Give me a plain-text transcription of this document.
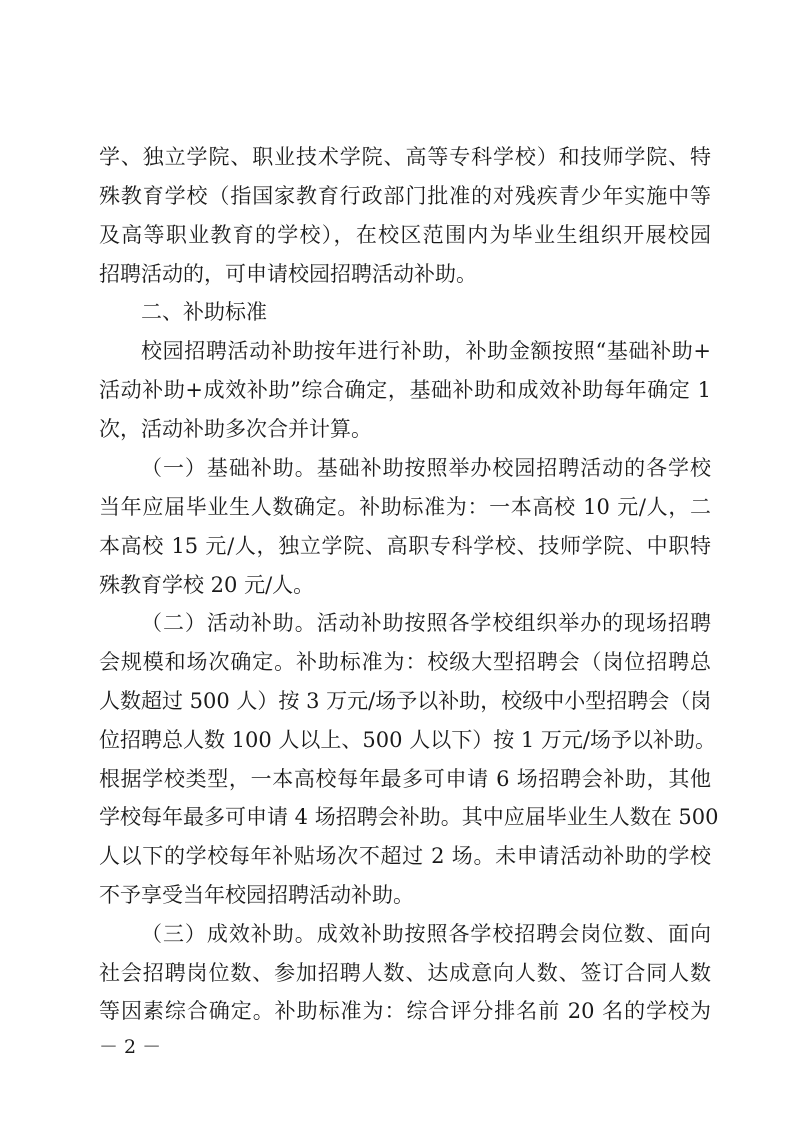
学、独立学院、职业技术学院、高等专科学校）和技师学院、特
殊教育学校（指国家教育行政部门批准的对残疾青少年实施中等
及高等职业教育的学校），在校区范围内为毕业生组织开展校园
招聘活动的，可申请校园招聘活动补助。
二、补助标准
校园招聘活动补助按年进行补助，补助金额按照“基础补助+
活动补助+成效补助”综合确定，基础补助和成效补助每年确定 1
次，活动补助多次合并计算。
（一）基础补助。基础补助按照举办校园招聘活动的各学校
当年应届毕业生人数确定。补助标准为：一本高校 10 元/人，二
本高校 15 元/人，独立学院、高职专科学校、技师学院、中职特
殊教育学校 20 元/人。
（二）活动补助。活动补助按照各学校组织举办的现场招聘
会规模和场次确定。补助标准为：校级大型招聘会（岗位招聘总
人数超过 500 人）按 3 万元/场予以补助，校级中小型招聘会（岗
位招聘总人数 100 人以上、500 人以下）按 1 万元/场予以补助。
根据学校类型，一本高校每年最多可申请 6 场招聘会补助，其他
学校每年最多可申请 4 场招聘会补助。其中应届毕业生人数在 500
人以下的学校每年补贴场次不超过 2 场。未申请活动补助的学校
不予享受当年校园招聘活动补助。
（三）成效补助。成效补助按照各学校招聘会岗位数、面向
社会招聘岗位数、参加招聘人数、达成意向人数、签订合同人数
等因素综合确定。补助标准为：综合评分排名前 20 名的学校为
－ 2 －
